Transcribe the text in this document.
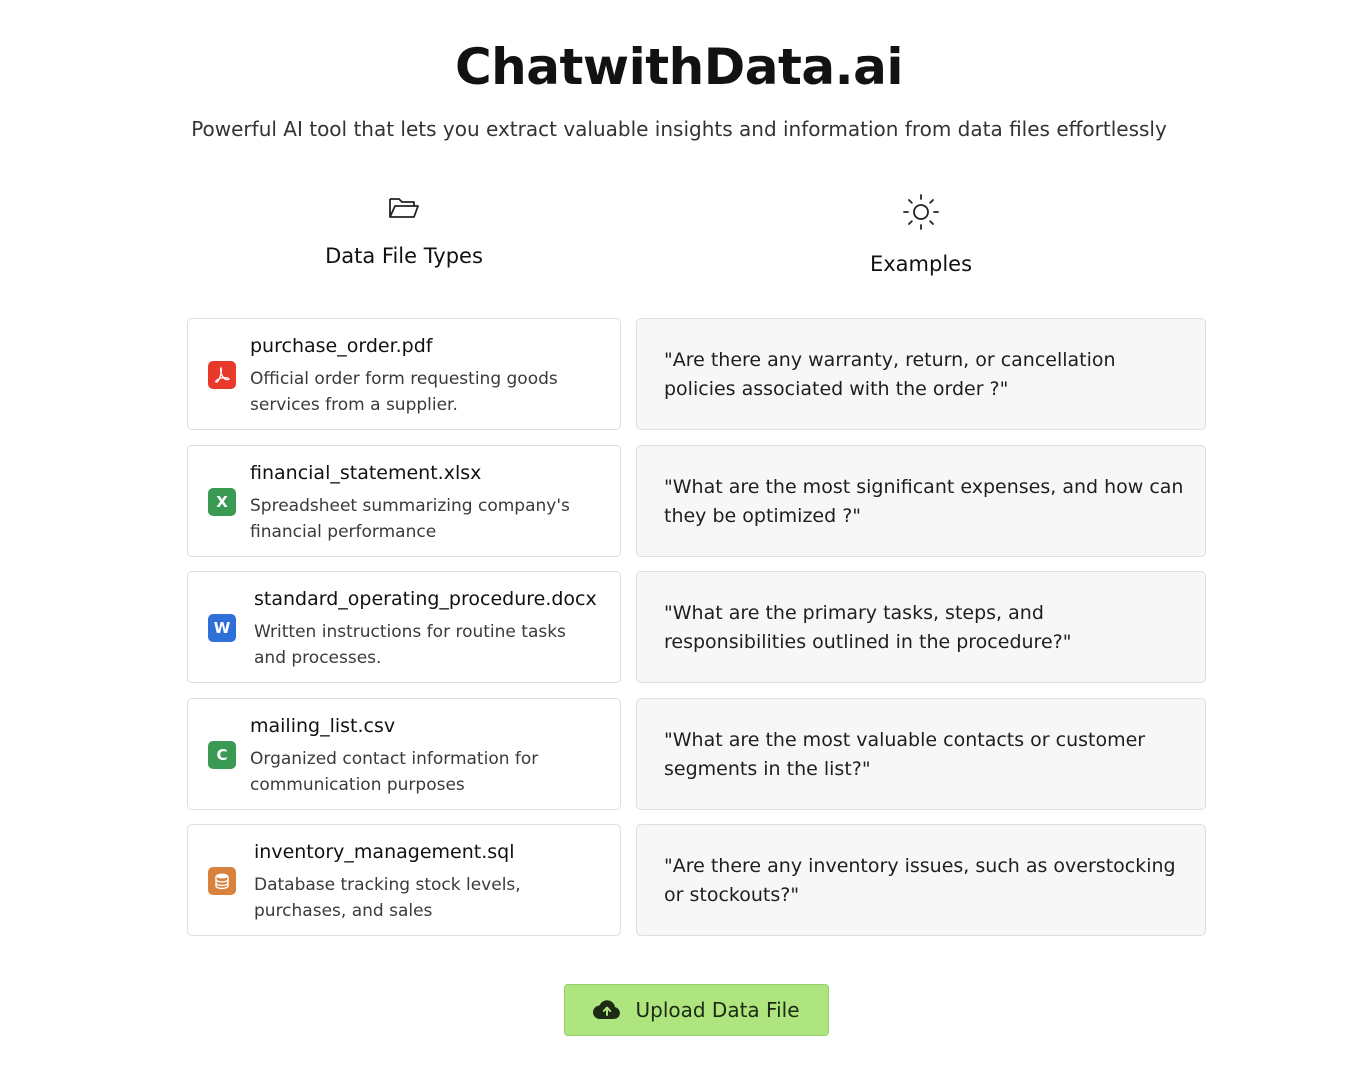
ChatwithData.ai

Powerful AI tool that lets you extract valuable insights and information from data files effortlessly

Data File Types	Examples
purchase_order.pdf
Official order form requesting goods services from a supplier.
X
financial_statement.xlsx
Spreadsheet summarizing company's financial performance
W
standard_operating_procedure.docx
Written instructions for routine tasks and processes.
C
mailing_list.csv
Organized contact information for communication purposes
inventory_management.sql
Database tracking stock levels, purchases, and sales
"Are there any warranty, return, or cancellation policies associated with the order ?"
"What are the most significant expenses, and how can they be optimized ?"
"What are the primary tasks, steps, and responsibilities outlined in the procedure?"
"What are the most valuable contacts or customer segments in the list?"
"Are there any inventory issues, such as overstocking or stockouts?"
Upload Data File
